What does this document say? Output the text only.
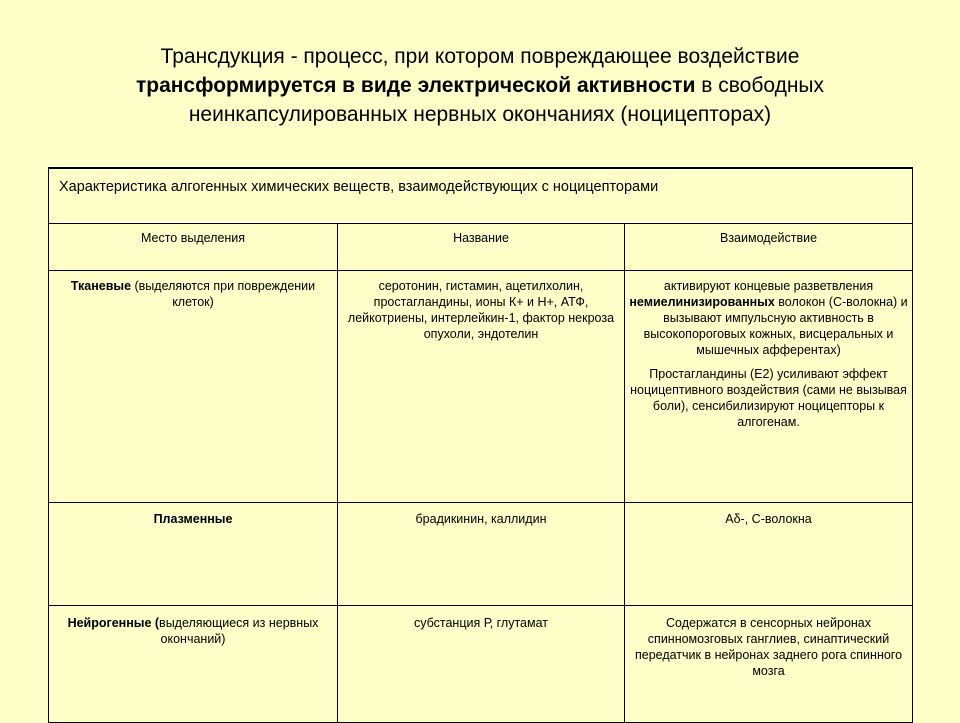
Трансдукция - процесс, при котором повреждающее воздействие
трансформируется в виде электрической активности в свободных
неинкапсулированных нервных окончаниях (ноцицепторах)
Характеристика алгогенных химических веществ, взаимодействующих с ноцицепторами		
Место выделения	Название	Взаимодействие
Тканевые (выделяются при повреждении клеток)	серотонин, гистамин, ацетилхолин, простагландины, ионы К+ и Н+, АТФ, лейкотриены, интерлейкин-1, фактор некроза опухоли, эндотелин	активируют концевые разветвления немиелинизированных волокон (С-волокна) и вызывают импульсную активность в высокопороговых кожных, висцеральных и мышечных афферентах)
Простагландины (Е2) усиливают эффект ноцицептивного воздействия (сами не вызывая боли), сенсибилизируют ноцицепторы к алгогенам.

Плазменные	брадикинин, каллидин	Аδ-, С-волокна
Нейрогенные (выделяющиеся из нервных окончаний)	субстанция Р, глутамат	Содержатся в сенсорных нейронах спинномозговых ганглиев, синаптический передатчик в нейронах заднего рога спинного мозга
